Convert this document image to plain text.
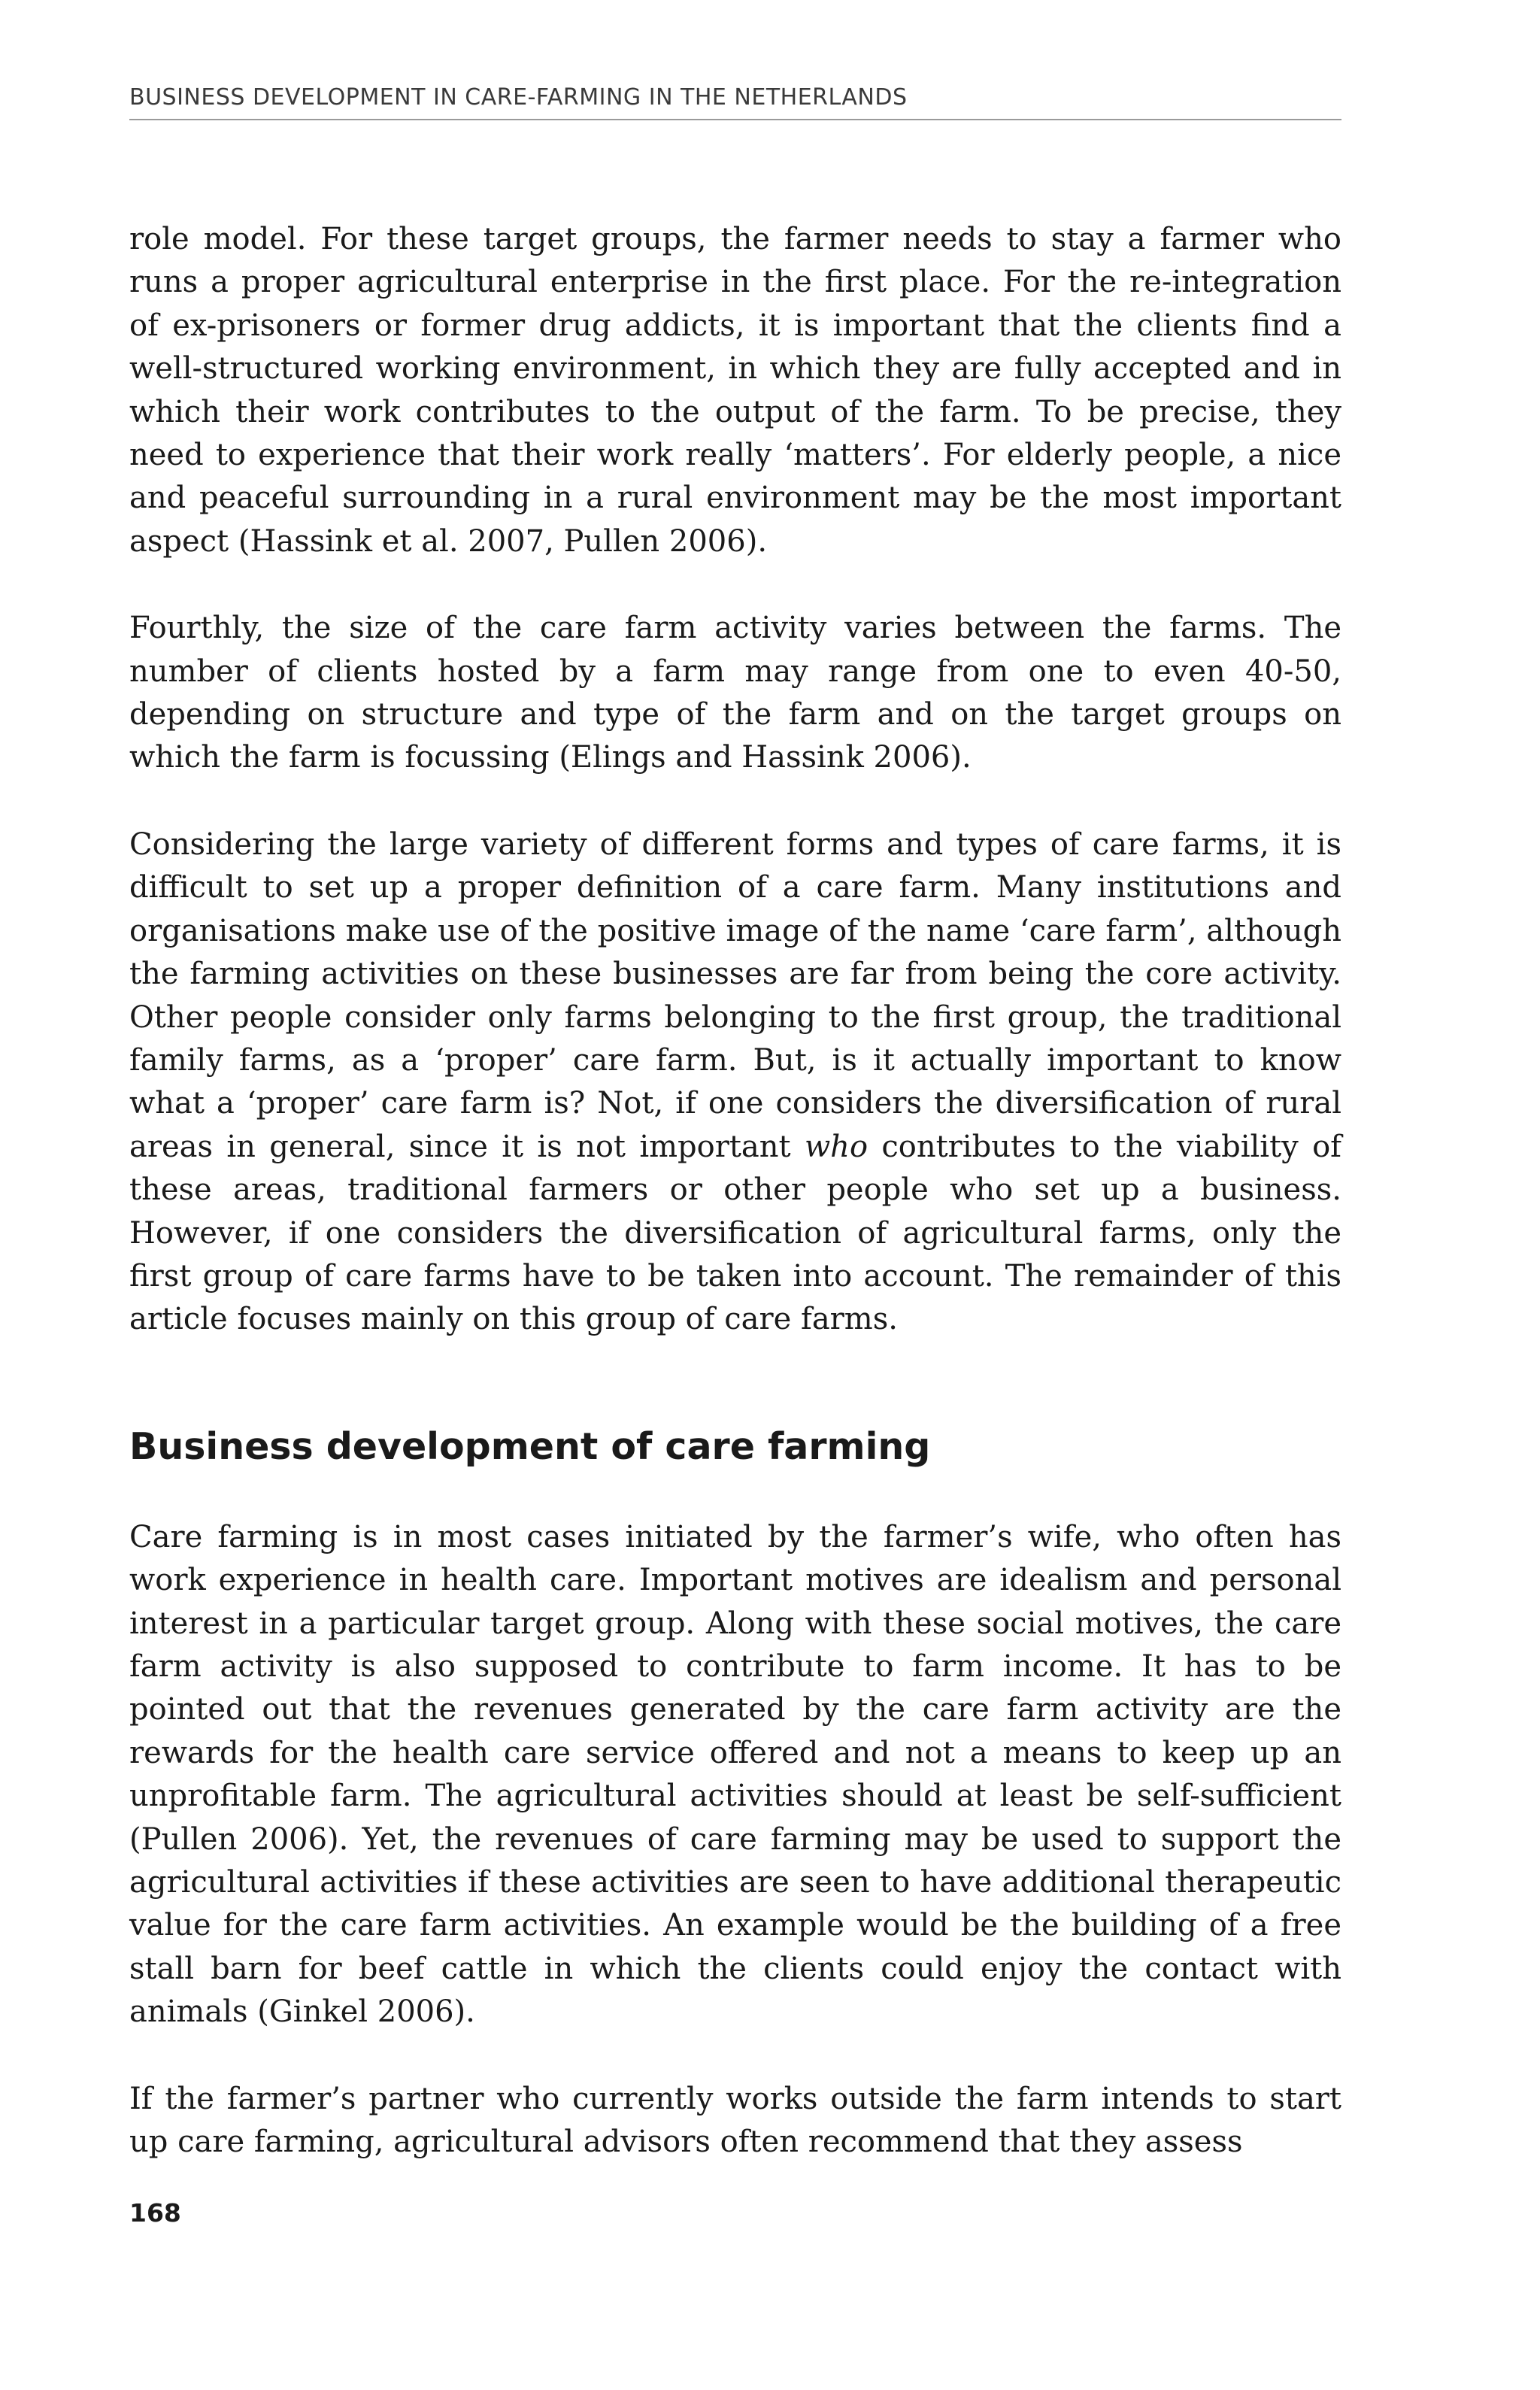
BUSINESS DEVELOPMENT IN CARE-FARMING IN THE NETHERLANDS

role model. For these target groups, the farmer needs to stay a farmer who runs a proper agricultural enterprise in the first place. For the re-integration of ex-prisoners or former drug addicts, it is important that the clients find a well-structured working environment, in which they are fully accepted and in which their work contributes to the output of the farm. To be precise, they need to experience that their work really ‘matters’. For elderly people, a nice and peaceful surrounding in a rural environment may be the most important aspect (Hassink et al. 2007, Pullen 2006).

Fourthly, the size of the care farm activity varies between the farms. The number of clients hosted by a farm may range from one to even 40-50, depending on structure and type of the farm and on the target groups on which the farm is focussing (Elings and Hassink 2006).

Considering the large variety of different forms and types of care farms, it is difficult to set up a proper definition of a care farm. Many institutions and organisations make use of the positive image of the name ‘care farm’, although the farming activities on these businesses are far from being the core activity. Other people consider only farms belonging to the first group, the traditional family farms, as a ‘proper’ care farm. But, is it actually important to know what a ‘proper’ care farm is? Not, if one considers the diversification of rural areas in general, since it is not important who contributes to the viability of these areas, traditional farmers or other people who set up a business. However, if one considers the diversification of agricultural farms, only the first group of care farms have to be taken into account. The remainder of this article focuses mainly on this group of care farms.

Business development of care farming

Care farming is in most cases initiated by the farmer’s wife, who often has work experience in health care. Important motives are idealism and personal interest in a particular target group. Along with these social motives, the care farm activity is also supposed to contribute to farm income. It has to be pointed out that the revenues generated by the care farm activity are the rewards for the health care service offered and not a means to keep up an unprofitable farm. The agricultural activities should at least be self-sufficient (Pullen 2006). Yet, the revenues of care farming may be used to support the agricultural activities if these activities are seen to have additional therapeutic value for the care farm activities. An example would be the building of a free stall barn for beef cattle in which the clients could enjoy the contact with animals (Ginkel 2006).

If the farmer’s partner who currently works outside the farm intends to start up care farming, agricultural advisors often recommend that they assess

168
